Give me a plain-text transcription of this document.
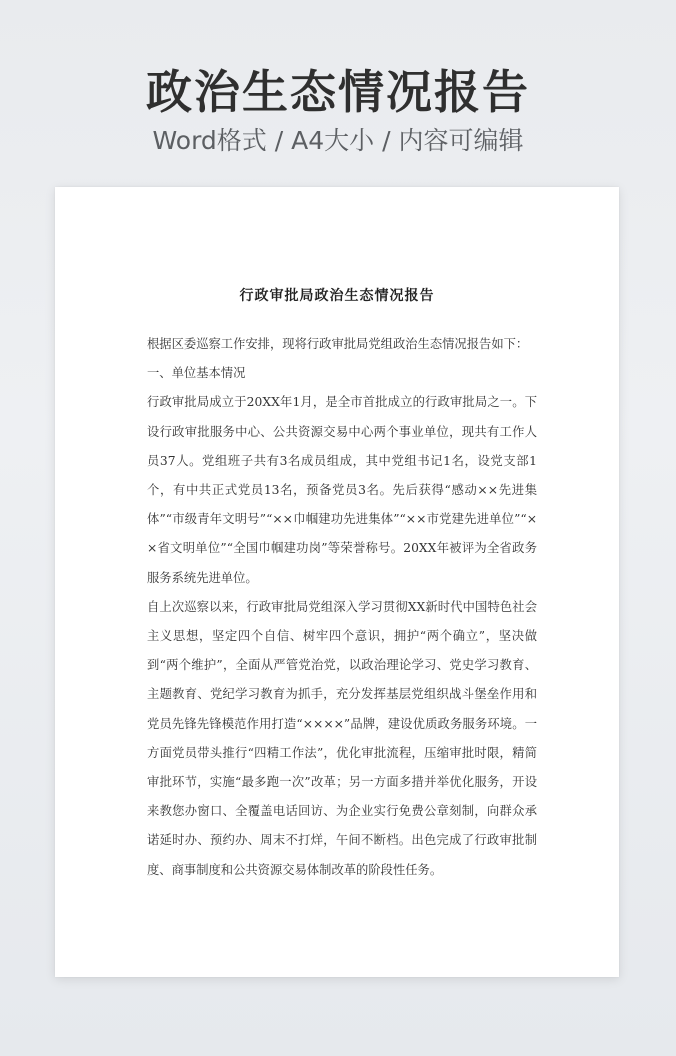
政治生态情况报告
Word格式 / A4大小 / 内容可编辑
行政审批局政治生态情况报告

根据区委巡察工作安排，现将行政审批局党组政治生态情况报告如下：

一、单位基本情况

行政审批局成立于20XX年1月，是全市首批成立的行政审批局之一。下设行政审批服务中心、公共资源交易中心两个事业单位，现共有工作人员37人。党组班子共有3名成员组成，其中党组书记1名，设党支部1个，有中共正式党员13名，预备党员3名。先后获得“感动××先进集体”“市级青年文明号”“××巾帼建功先进集体”“××市党建先进单位”“××省文明单位”“全国巾帼建功岗”等荣誉称号。20XX年被评为全省政务服务系统先进单位。

自上次巡察以来，行政审批局党组深入学习贯彻XX新时代中国特色社会主义思想，坚定四个自信、树牢四个意识，拥护“两个确立”，坚决做到“两个维护”，全面从严管党治党，以政治理论学习、党史学习教育、主题教育、党纪学习教育为抓手，充分发挥基层党组织战斗堡垒作用和党员先锋先锋模范作用打造“××××”品牌，建设优质政务服务环境。一方面党员带头推行“四精工作法”，优化审批流程，压缩审批时限，精简审批环节，实施“最多跑一次”改革；另一方面多措并举优化服务，开设来教您办窗口、全覆盖电话回访、为企业实行免费公章刻制，向群众承诺延时办、预约办、周末不打烊，午间不断档。出色完成了行政审批制度、商事制度和公共资源交易体制改革的阶段性任务。
